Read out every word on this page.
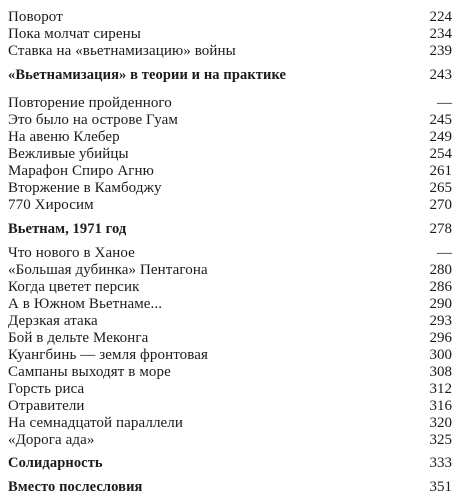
Поворот	224
Пока молчат сирены	234
Ставка на «вьетнамизацию» войны	239
«Вьетнамизация» в теории и на практике	243
Повторение пройденного	—
Это было на острове Гуам	245
На авеню Клебер	249
Вежливые убийцы	254
Марафон Спиро Агню	261
Вторжение в Камбоджу	265
770 Хиросим	270
Вьетнам, 1971 год	278
Что нового в Ханое	—
«Большая дубинка» Пентагона	280
Когда цветет персик	286
А в Южном Вьетнаме...	290
Дерзкая атака	293
Бой в дельте Меконга	296
Куангбинь — земля фронтовая	300
Сампаны выходят в море	308
Горсть риса	312
Отравители	316
На семнадцатой параллели	320
«Дорога ада»	325
Солидарность	333
Вместо послесловия	351
